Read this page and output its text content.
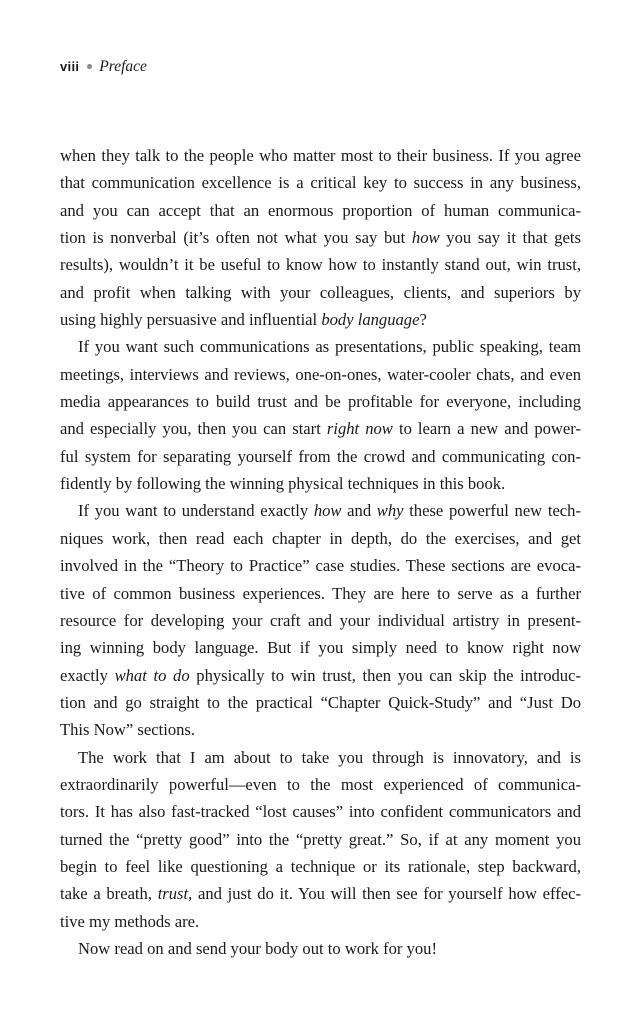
viii Preface
when they talk to the people who matter most to their business. If you agree
that communication excellence is a critical key to success in any business,
and you can accept that an enormous proportion of human communica-
tion is nonverbal (it’s often not what you say but how you say it that gets
results), wouldn’t it be useful to know how to instantly stand out, win trust,
and profit when talking with your colleagues, clients, and superiors by
using highly persuasive and influential body language?
If you want such communications as presentations, public speaking, team
meetings, interviews and reviews, one-on-ones, water-cooler chats, and even
media appearances to build trust and be profitable for everyone, including
and especially you, then you can start right now to learn a new and power-
ful system for separating yourself from the crowd and communicating con-
fidently by following the winning physical techniques in this book.
If you want to understand exactly how and why these powerful new tech-
niques work, then read each chapter in depth, do the exercises, and get
involved in the “Theory to Practice” case studies. These sections are evoca-
tive of common business experiences. They are here to serve as a further
resource for developing your craft and your individual artistry in present-
ing winning body language. But if you simply need to know right now
exactly what to do physically to win trust, then you can skip the introduc-
tion and go straight to the practical “Chapter Quick-Study” and “Just Do
This Now” sections.
The work that I am about to take you through is innovatory, and is
extraordinarily powerful—even to the most experienced of communica-
tors. It has also fast-tracked “lost causes” into confident communicators and
turned the “pretty good” into the “pretty great.” So, if at any moment you
begin to feel like questioning a technique or its rationale, step backward,
take a breath, trust, and just do it. You will then see for yourself how effec-
tive my methods are.
Now read on and send your body out to work for you!
